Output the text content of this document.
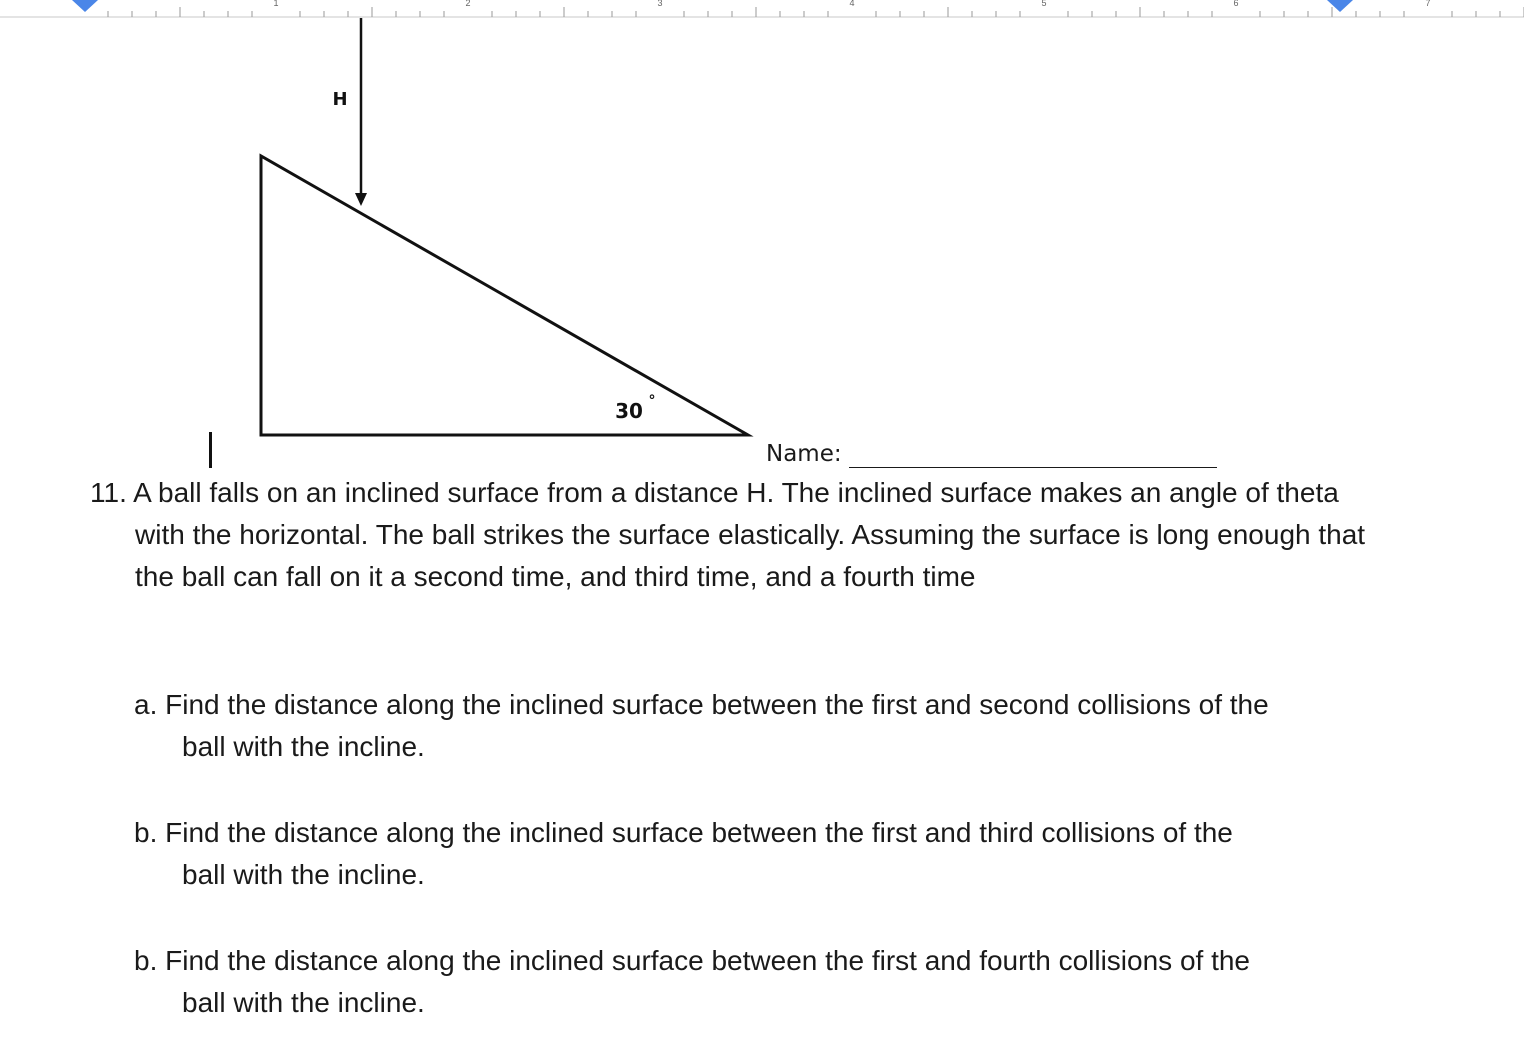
1	2	3	4	5	6	7
H
30 °
Name:

11. A ball falls on an inclined surface from a distance H. The inclined surface makes an angle of theta with the horizontal. The ball strikes the surface elastically. Assuming the surface is long enough that the ball can fall on it a second time, and third time, and a fourth time

a. Find the distance along the inclined surface between the first and second collisions of the ball with the incline.

b. Find the distance along the inclined surface between the first and third collisions of the ball with the incline.

b. Find the distance along the inclined surface between the first and fourth collisions of the ball with the incline.
